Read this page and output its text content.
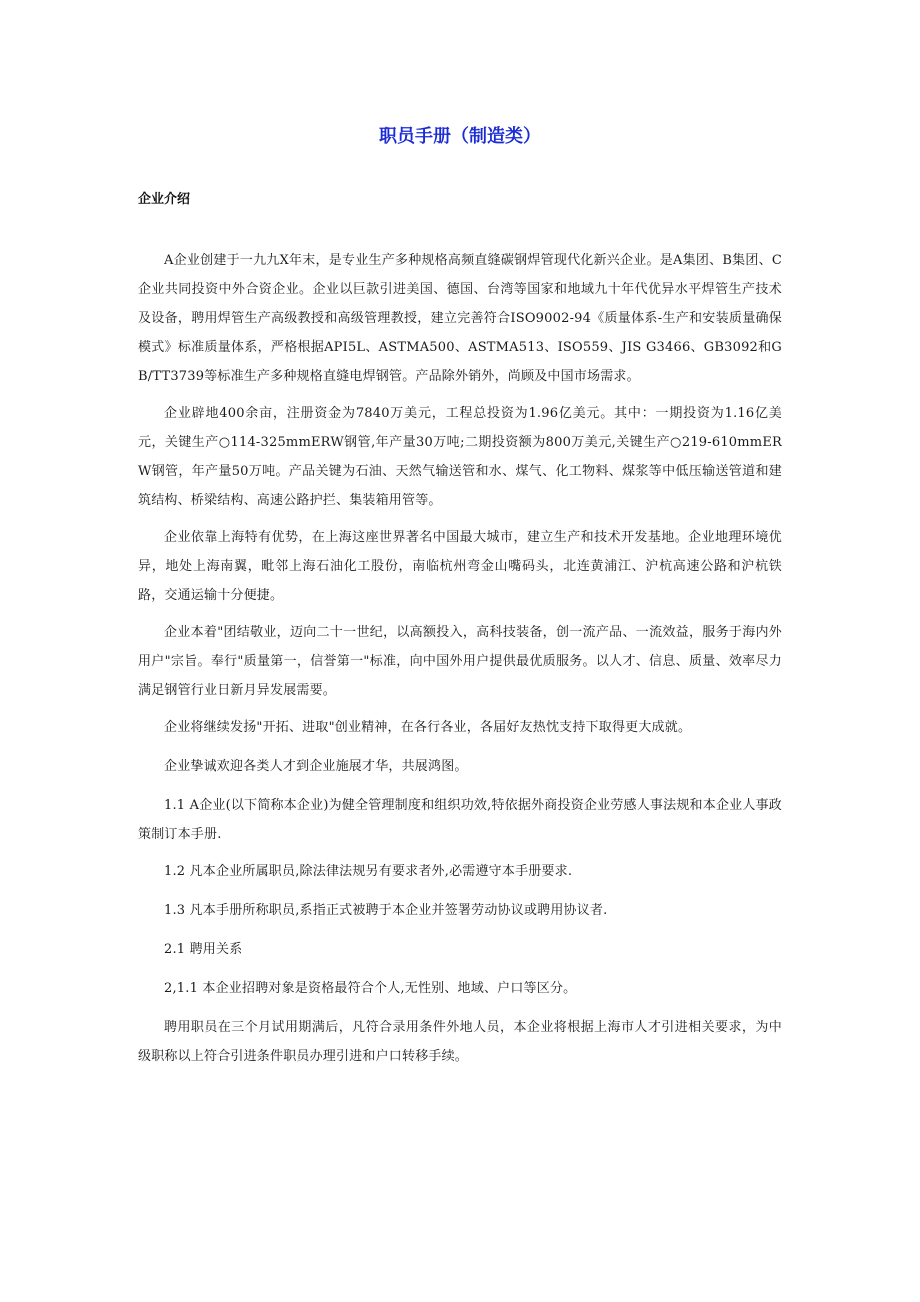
职员手册（制造类）
企业介绍

A企业创建于一九九X年末，是专业生产多种规格高频直缝碳钢焊管现代化新兴企业。是A集团、B集团、C企业共同投资中外合资企业。企业以巨款引进美国、德国、台湾等国家和地域九十年代优异水平焊管生产技术及设备，聘用焊管生产高级教授和高级管理教授，建立完善符合ISO9002-94《质量体系-生产和安装质量确保模式》标准质量体系，严格根据API5L、ASTMA500、ASTMA513、ISO559、JIS G3466、GB3092和GB/TT3739等标准生产多种规格直缝电焊钢管。产品除外销外，尚顾及中国市场需求。

企业辟地400余亩，注册资金为7840万美元，工程总投资为1.96亿美元。其中：一期投资为1.16亿美元，关键生产○114-325mmERW钢管,年产量30万吨;二期投资额为800万美元,关键生产○219-610mmERW钢管，年产量50万吨。产品关键为石油、天然气输送管和水、煤气、化工物料、煤浆等中低压输送管道和建筑结构、桥梁结构、高速公路护拦、集装箱用管等。

企业依靠上海特有优势，在上海这座世界著名中国最大城市，建立生产和技术开发基地。企业地理环境优异，地处上海南翼，毗邻上海石油化工股份，南临杭州弯金山嘴码头，北连黄浦江、沪杭高速公路和沪杭铁路，交通运输十分便捷。

企业本着"团结敬业，迈向二十一世纪，以高额投入，高科技装备，创一流产品、一流效益，服务于海内外用户"宗旨。奉行"质量第一，信誉第一"标准，向中国外用户提供最优质服务。以人才、信息、质量、效率尽力满足钢管行业日新月异发展需要。

企业将继续发扬"开拓、进取"创业精神，在各行各业，各届好友热忱支持下取得更大成就。

企业挚诚欢迎各类人才到企业施展才华，共展鸿图。

1.1 A企业(以下简称本企业)为健全管理制度和组织功效,特依据外商投资企业劳感人事法规和本企业人事政策制订本手册.

1.2 凡本企业所属职员,除法律法规另有要求者外,必需遵守本手册要求.

1.3 凡本手册所称职员,系指正式被聘于本企业并签署劳动协议或聘用协议者.

2.1 聘用关系

2,1.1 本企业招聘对象是资格最符合个人,无性别、地域、户口等区分。

聘用职员在三个月试用期满后，凡符合录用条件外地人员，本企业将根据上海市人才引进相关要求，为中级职称以上符合引进条件职员办理引进和户口转移手续。
